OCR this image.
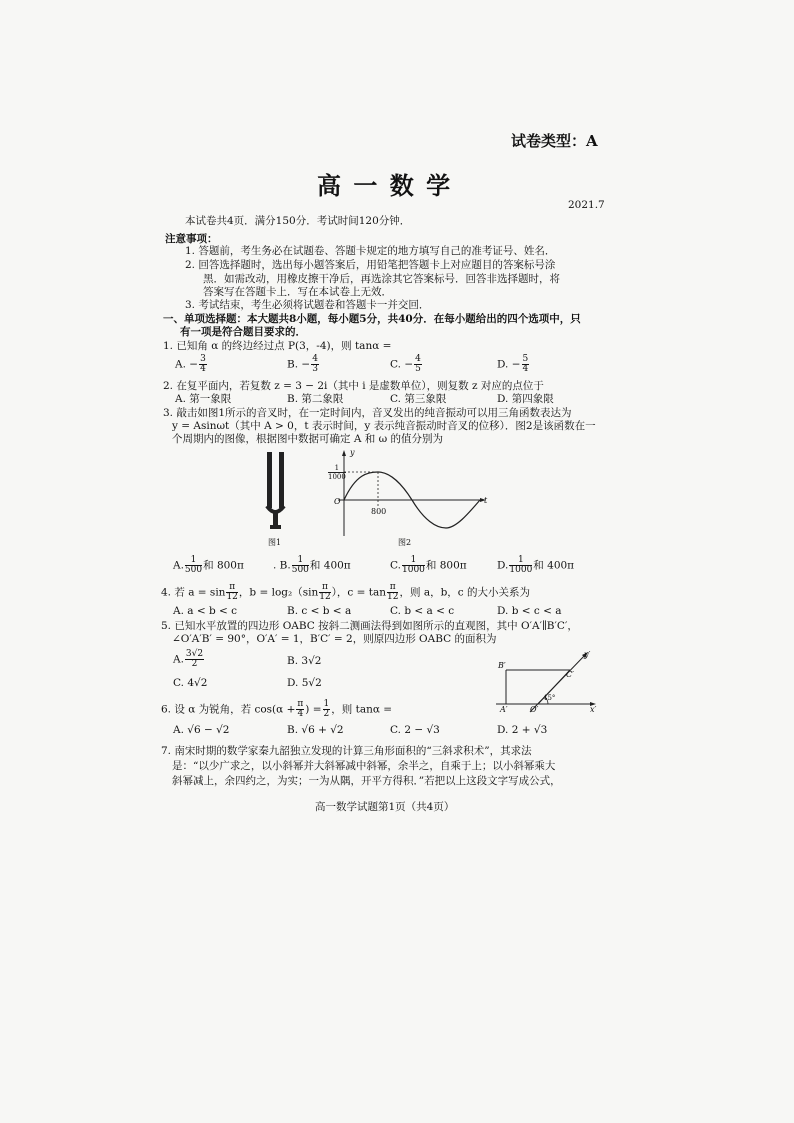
试卷类型：A
高 一 数 学
2021.7
本试卷共4页．满分150分．考试时间120分钟．
注意事项：
1. 答题前，考生务必在试题卷、答题卡规定的地方填写自己的准考证号、姓名．
2. 回答选择题时，选出每小题答案后，用铅笔把答题卡上对应题目的答案标号涂
黑．如需改动，用橡皮擦干净后，再选涂其它答案标号．回答非选择题时，将
答案写在答题卡上．写在本试卷上无效．
3. 考试结束，考生必须将试题卷和答题卡一并交回．
一、单项选择题：本大题共8小题，每小题5分，共40分．在每小题给出的四个选项中，只
有一项是符合题目要求的．
1. 已知角 α 的终边经过点 P(3，-4)，则 tanα =
A. − $\frac{3}{4}$	B. − $\frac{4}{3}$	C. − $\frac{4}{5}$	D. − $\frac{5}{4}$
2. 在复平面内，若复数 z = 3 − 2i（其中 i 是虚数单位），则复数 z 对应的点位于
A. 第一象限	B. 第二象限	C. 第三象限	D. 第四象限
3. 敲击如图1所示的音叉时，在一定时间内，音叉发出的纯音振动可以用三角函数表达为
y = Asinωt（其中 A > 0，t 表示时间，y 表示纯音振动时音叉的位移）．图2是该函数在一
个周期内的图像，根据图中数据可确定 A 和 ω 的值分别为
图1
y
t
O
1
1000
800
图2
A. $\frac{1}{500}$ 和 800π	. B. $\frac{1}{500}$ 和 400π	C. $\frac{1}{1000}$ 和 800π	D. $\frac{1}{1000}$ 和 400π
4. 若 $a = \sin \frac{\pi}{12}$ ，$b = \log_2(\sin \frac{\pi}{12}$ ），$c = \tan \frac{\pi}{12}$ ，则 a，b，c 的大小关系为
A. a < b < c	B. c < b < a	C. b < a < c	D. b < c < a
5. 已知水平放置的四边形 OABC 按斜二测画法得到如图所示的直观图，其中 O′A′∥B′C′，
∠O′A′B′ = 90°，O′A′ = 1，B′C′ = 2，则原四边形 OABC 的面积为
A. $\frac{3√2}{2}$	B. 3√2
C. 4√2	D. 5√2
B′
C′
A′	O′	x′
y′
45°
6. 设 α 为锐角，若 $\cos(\alpha + \frac{\pi}{4}$ ) = $\frac{1}{2}$ ，则 tanα =
A. √6 − √2	B. √6 + √2	C. 2 − √3	D. 2 + √3
7. 南宋时期的数学家秦九韶独立发现的计算三角形面积的“三斜求积术”，其求法
是：“以少广求之，以小斜幂并大斜幂减中斜幂，余半之，自乘于上；以小斜幂乘大
斜幂减上，余四约之，为实；一为从隅，开平方得积．”若把以上这段文字写成公式，
高一数学试题第1页（共4页）
